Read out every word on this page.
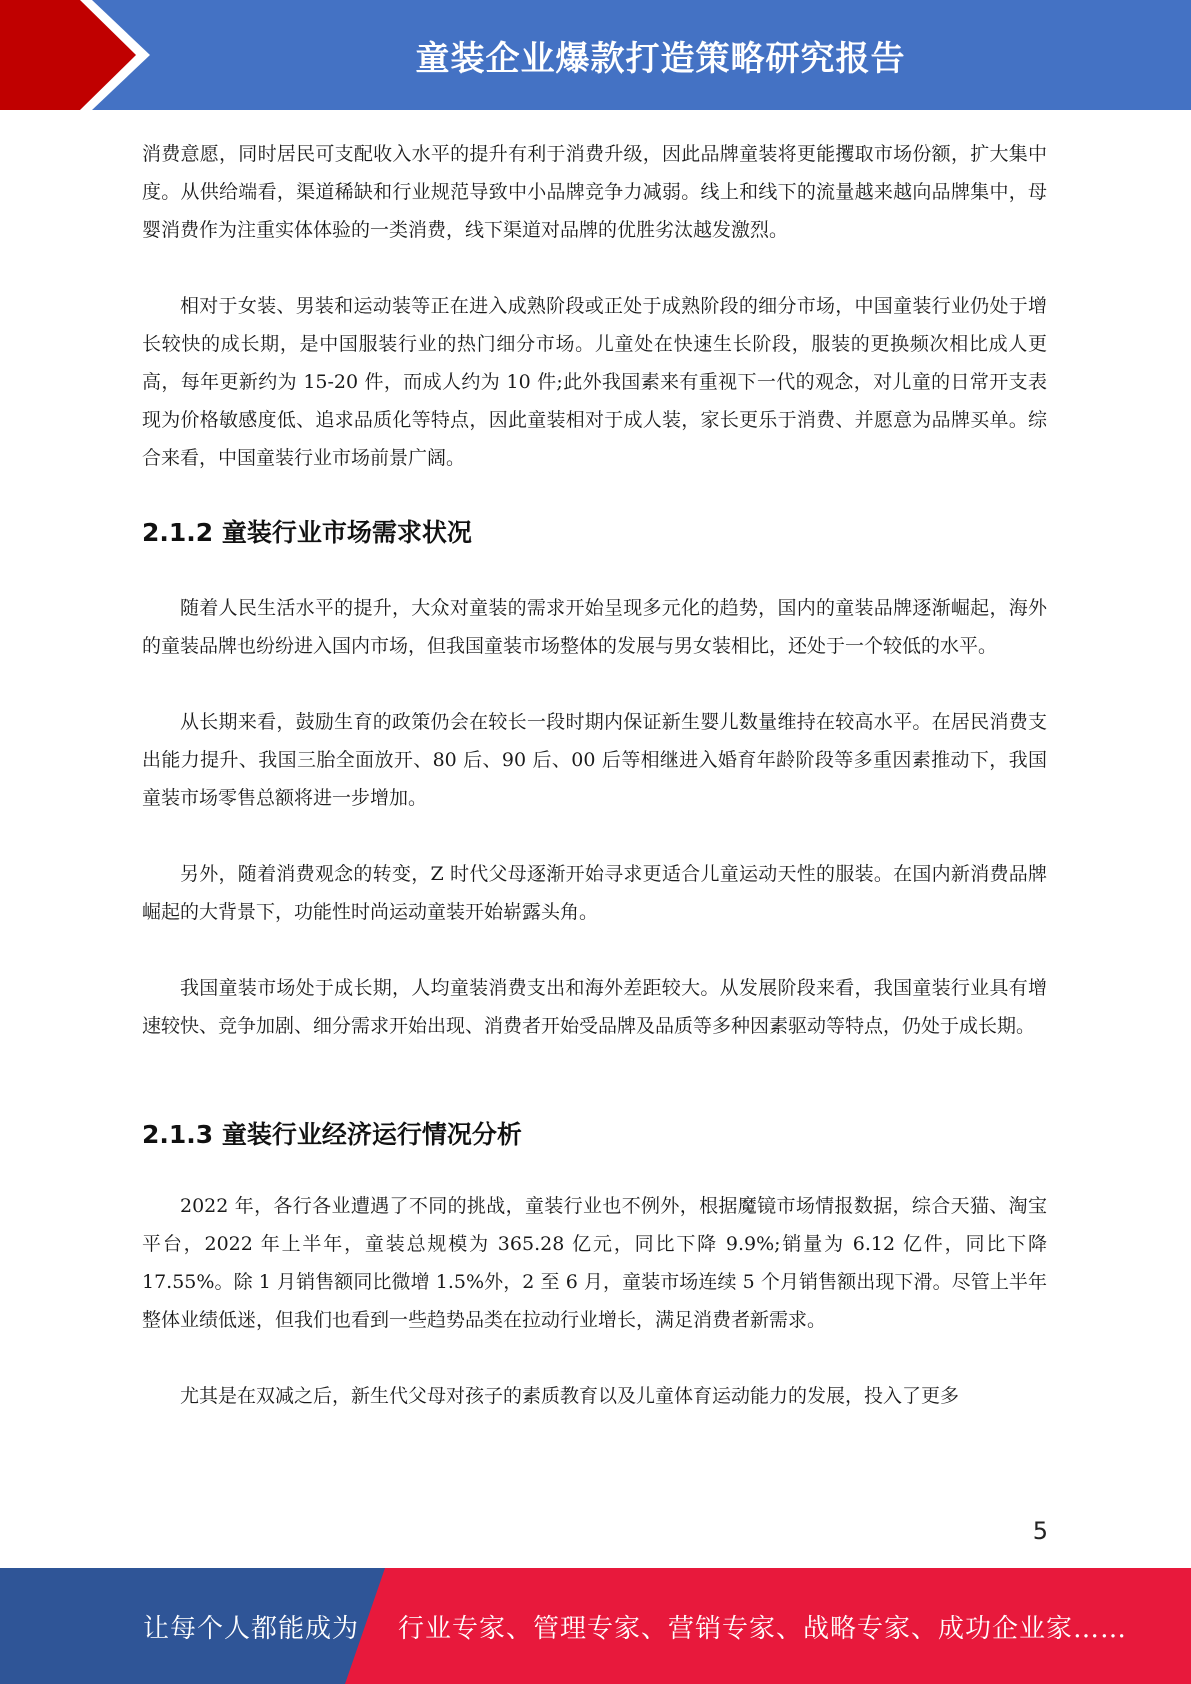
童装企业爆款打造策略研究报告

消费意愿，同时居民可支配收入水平的提升有利于消费升级，因此品牌童装将更能攫取市场份额，扩大集中度。从供给端看，渠道稀缺和行业规范导致中小品牌竞争力减弱。线上和线下的流量越来越向品牌集中，母婴消费作为注重实体体验的一类消费，线下渠道对品牌的优胜劣汰越发激烈。

相对于女装、男装和运动装等正在进入成熟阶段或正处于成熟阶段的细分市场，中国童装行业仍处于增长较快的成长期，是中国服装行业的热门细分市场。儿童处在快速生长阶段，服装的更换频次相比成人更高，每年更新约为 15-20 件，而成人约为 10 件;此外我国素来有重视下一代的观念，对儿童的日常开支表现为价格敏感度低、追求品质化等特点，因此童装相对于成人装，家长更乐于消费、并愿意为品牌买单。综合来看，中国童装行业市场前景广阔。

2.1.2 童装行业市场需求状况

随着人民生活水平的提升，大众对童装的需求开始呈现多元化的趋势，国内的童装品牌逐渐崛起，海外的童装品牌也纷纷进入国内市场，但我国童装市场整体的发展与男女装相比，还处于一个较低的水平。

从长期来看，鼓励生育的政策仍会在较长一段时期内保证新生婴儿数量维持在较高水平。在居民消费支出能力提升、我国三胎全面放开、80 后、90 后、00 后等相继进入婚育年龄阶段等多重因素推动下，我国童装市场零售总额将进一步增加。

另外，随着消费观念的转变，Z 时代父母逐渐开始寻求更适合儿童运动天性的服装。在国内新消费品牌崛起的大背景下，功能性时尚运动童装开始崭露头角。

我国童装市场处于成长期，人均童装消费支出和海外差距较大。从发展阶段来看，我国童装行业具有增速较快、竞争加剧、细分需求开始出现、消费者开始受品牌及品质等多种因素驱动等特点，仍处于成长期。

2.1.3 童装行业经济运行情况分析

2022 年，各行各业遭遇了不同的挑战，童装行业也不例外，根据魔镜市场情报数据，综合天猫、淘宝平台，2022 年上半年，童装总规模为 365.28 亿元，同比下降 9.9%;销量为 6.12 亿件，同比下降 17.55%。除 1 月销售额同比微增 1.5%外，2 至 6 月，童装市场连续 5 个月销售额出现下滑。尽管上半年整体业绩低迷，但我们也看到一些趋势品类在拉动行业增长，满足消费者新需求。

尤其是在双减之后，新生代父母对孩子的素质教育以及儿童体育运动能力的发展，投入了更多

5
让每个人都能成为 行业专家、管理专家、营销专家、战略专家、成功企业家……
